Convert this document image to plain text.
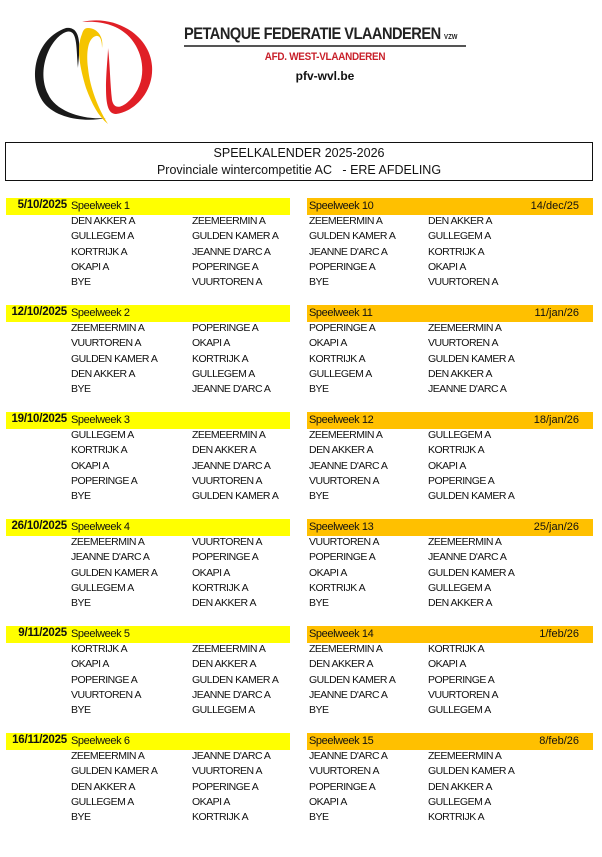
PETANQUE FEDERATIE VLAANDEREN VZW
AFD. WEST-VLAANDEREN
pfv-wvl.be
SPEELKALENDER 2025-2026
Provinciale wintercompetitie AC   - ERE AFDELING
5/10/2025 Speelweek 1	Speelweek 10	14/dec/25
DEN AKKER A	ZEEMEERMIN A
GULLEGEM A	GULDEN KAMER A
KORTRIJK A	JEANNE D'ARC A
OKAPI A	POPERINGE A
BYE	VUURTOREN A
ZEEMEERMIN A	DEN AKKER A
GULDEN KAMER A	GULLEGEM A
JEANNE D'ARC A	KORTRIJK A
POPERINGE A	OKAPI A
BYE	VUURTOREN A
12/10/2025 Speelweek 2	Speelweek 11	11/jan/26
ZEEMEERMIN A	POPERINGE A
VUURTOREN A	OKAPI A
GULDEN KAMER A	KORTRIJK A
DEN AKKER A	GULLEGEM A
BYE	JEANNE D'ARC A
POPERINGE A	ZEEMEERMIN A
OKAPI A	VUURTOREN A
KORTRIJK A	GULDEN KAMER A
GULLEGEM A	DEN AKKER A
BYE	JEANNE D'ARC A
19/10/2025 Speelweek 3	Speelweek 12	18/jan/26
GULLEGEM A	ZEEMEERMIN A
KORTRIJK A	DEN AKKER A
OKAPI A	JEANNE D'ARC A
POPERINGE A	VUURTOREN A
BYE	GULDEN KAMER A
ZEEMEERMIN A	GULLEGEM A
DEN AKKER A	KORTRIJK A
JEANNE D'ARC A	OKAPI A
VUURTOREN A	POPERINGE A
BYE	GULDEN KAMER A
26/10/2025 Speelweek 4	Speelweek 13	25/jan/26
ZEEMEERMIN A	VUURTOREN A
JEANNE D'ARC A	POPERINGE A
GULDEN KAMER A	OKAPI A
GULLEGEM A	KORTRIJK A
BYE	DEN AKKER A
VUURTOREN A	ZEEMEERMIN A
POPERINGE A	JEANNE D'ARC A
OKAPI A	GULDEN KAMER A
KORTRIJK A	GULLEGEM A
BYE	DEN AKKER A
9/11/2025 Speelweek 5	Speelweek 14	1/feb/26
KORTRIJK A	ZEEMEERMIN A
OKAPI A	DEN AKKER A
POPERINGE A	GULDEN KAMER A
VUURTOREN A	JEANNE D'ARC A
BYE	GULLEGEM A
ZEEMEERMIN A	KORTRIJK A
DEN AKKER A	OKAPI A
GULDEN KAMER A	POPERINGE A
JEANNE D'ARC A	VUURTOREN A
BYE	GULLEGEM A
16/11/2025 Speelweek 6	Speelweek 15	8/feb/26
ZEEMEERMIN A	JEANNE D'ARC A
GULDEN KAMER A	VUURTOREN A
DEN AKKER A	POPERINGE A
GULLEGEM A	OKAPI A
BYE	KORTRIJK A
JEANNE D'ARC A	ZEEMEERMIN A
VUURTOREN A	GULDEN KAMER A
POPERINGE A	DEN AKKER A
OKAPI A	GULLEGEM A
BYE	KORTRIJK A
